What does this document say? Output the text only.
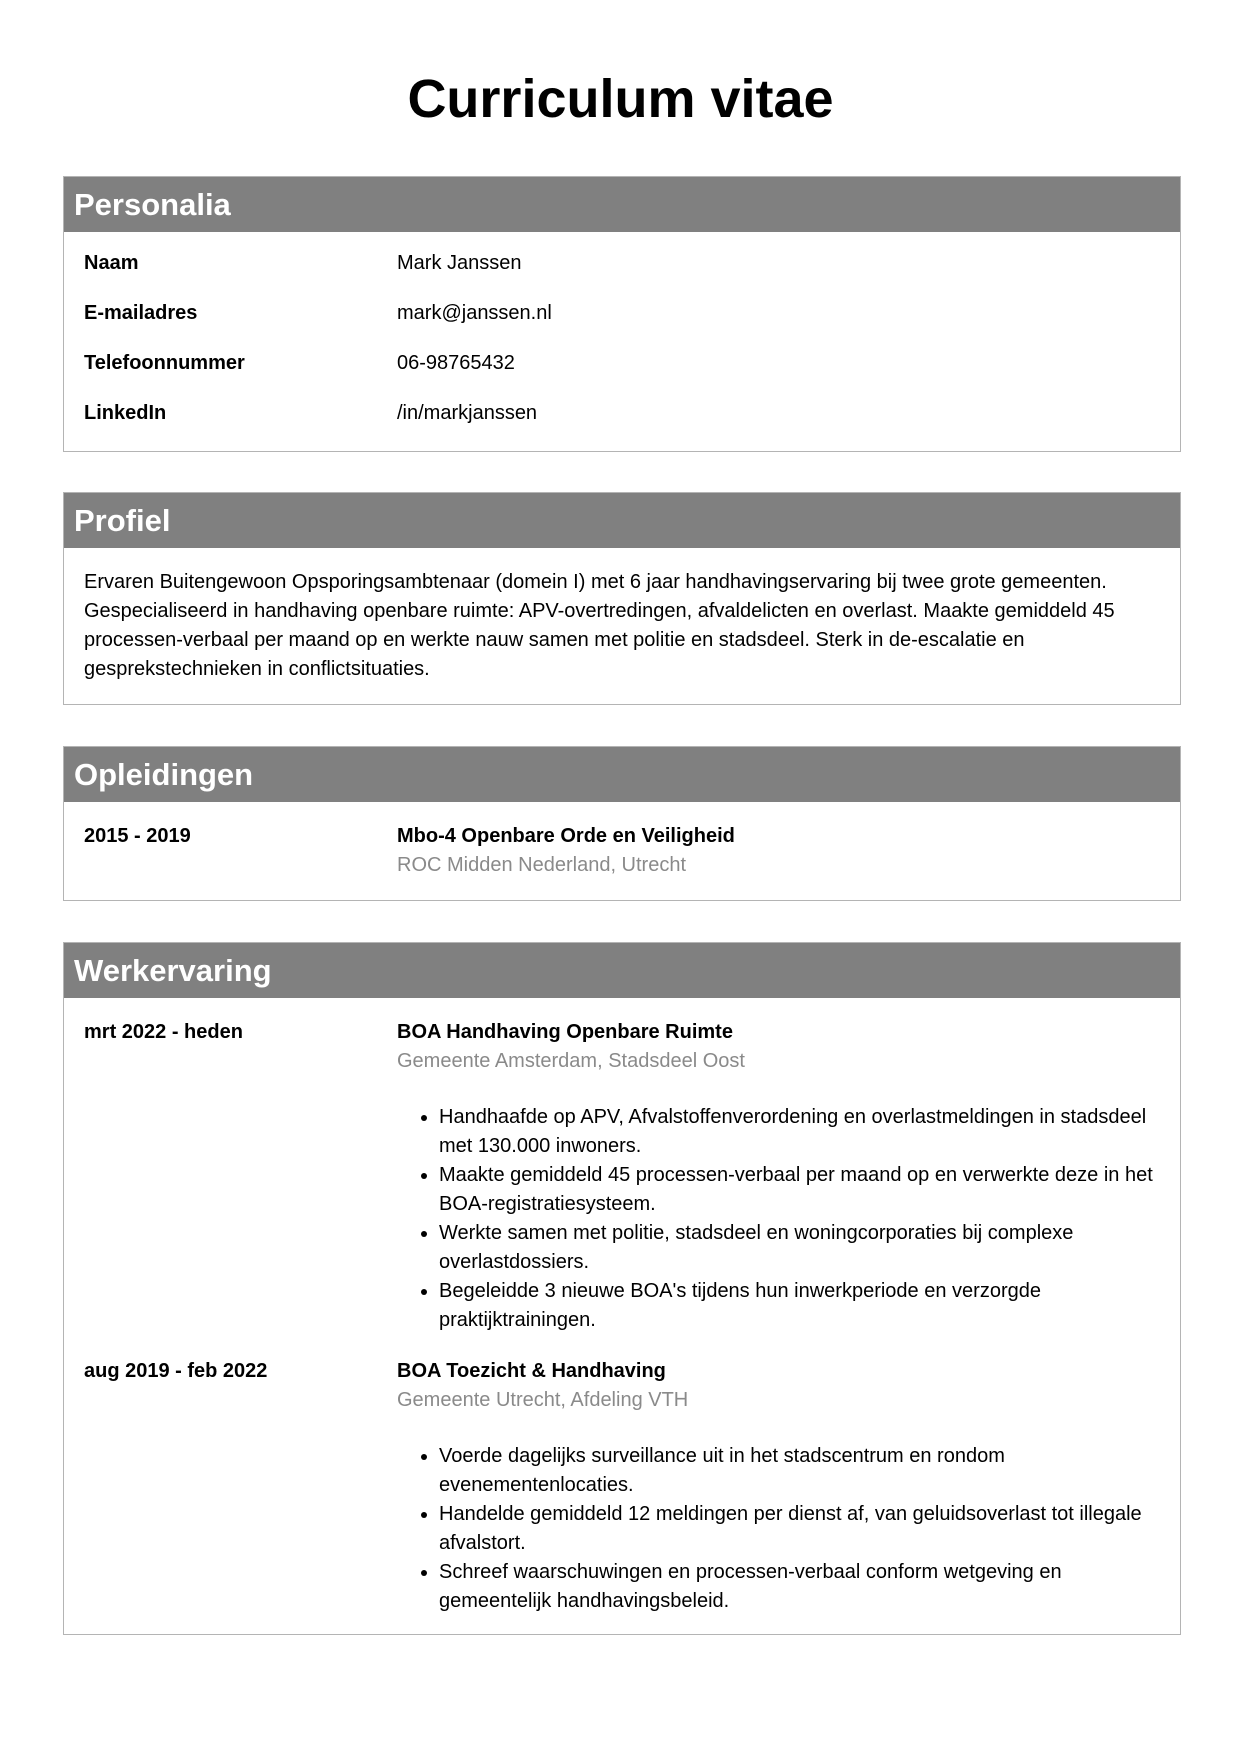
Curriculum vitae
Personalia
Naam	Mark Janssen
E-mailadres	mark@janssen.nl
Telefoonnummer	06-98765432
LinkedIn	/in/markjanssen
Profiel
Ervaren Buitengewoon Opsporingsambtenaar (domein I) met 6 jaar handhavingservaring bij twee grote gemeenten. Gespecialiseerd in handhaving openbare ruimte: APV-overtredingen, afvaldelicten en overlast. Maakte gemiddeld 45 processen-verbaal per maand op en werkte nauw samen met politie en stadsdeel. Sterk in de-escalatie en gesprekstechnieken in conflictsituaties.
Opleidingen
2015 - 2019	Mbo-4 Openbare Orde en Veiligheid
ROC Midden Nederland, Utrecht
Werkervaring
mrt 2022 - heden	BOA Handhaving Openbare Ruimte
Gemeente Amsterdam, Stadsdeel Oost
• Handhaafde op APV, Afvalstoffenverordening en overlastmeldingen in stadsdeel met 130.000 inwoners.
• Maakte gemiddeld 45 processen-verbaal per maand op en verwerkte deze in het BOA-registratiesysteem.
• Werkte samen met politie, stadsdeel en woningcorporaties bij complexe overlastdossiers.
• Begeleidde 3 nieuwe BOA's tijdens hun inwerkperiode en verzorgde praktijktrainingen.
aug 2019 - feb 2022	BOA Toezicht & Handhaving
Gemeente Utrecht, Afdeling VTH
• Voerde dagelijks surveillance uit in het stadscentrum en rondom evenementenlocaties.
• Handelde gemiddeld 12 meldingen per dienst af, van geluidsoverlast tot illegale afvalstort.
• Schreef waarschuwingen en processen-verbaal conform wetgeving en gemeentelijk handhavingsbeleid.
